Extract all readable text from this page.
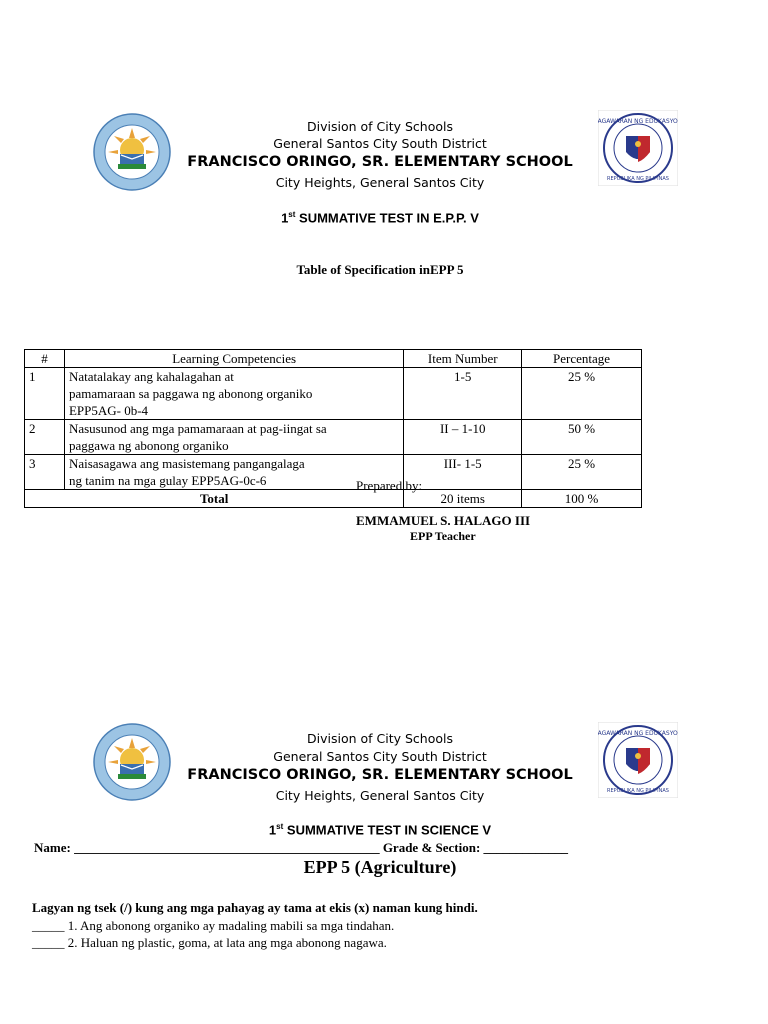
Division of City Schools
General Santos City South District
FRANCISCO ORINGO, SR. ELEMENTARY SCHOOL
City Heights, General Santos City
KAGAWARAN NG EDUKASYON
REPUBLIKA NG PILIPINAS
1st SUMMATIVE TEST IN E.P.P. V
Table of Specification inEPP 5
#	Learning Competencies	Item Number	Percentage
1	Natatalakay ang kahalagahan at
pamamaraan sa paggawa ng abonong organiko
EPP5AG- 0b-4	1-5	25 %
2	Nasusunod ang mga pamamaraan at pag-iingat sa
paggawa ng abonong organiko	II – 1-10	50 %
3	Naisasagawa ang masistemang pangangalaga
ng tanim na mga gulay EPP5AG-0c-6	III- 1-5	25 %
Total		20 items	100 %
Prepared by:
EMMAMUEL S. HALAGO III
EPP Teacher
Division of City Schools
General Santos City South District
FRANCISCO ORINGO, SR. ELEMENTARY SCHOOL
City Heights, General Santos City
KAGAWARAN NG EDUKASYON
REPUBLIKA NG PILIPINAS
1st SUMMATIVE TEST IN SCIENCE V
Name: _______________________________________________ Grade & Section: _____________
EPP 5 (Agriculture)
Lagyan ng tsek (/) kung ang mga pahayag ay tama at ekis (x) naman kung hindi.
_____ 1. Ang abonong organiko ay madaling mabili sa mga tindahan.
_____ 2. Haluan ng plastic, goma, at lata ang mga abonong nagawa.
